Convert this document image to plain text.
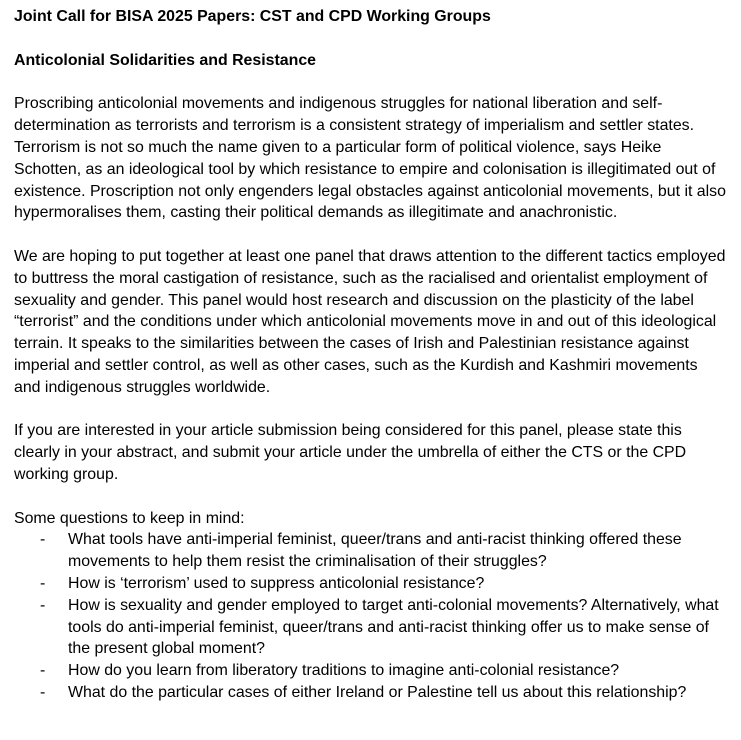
Joint Call for BISA 2025 Papers: CST and CPD Working Groups

Anticolonial Solidarities and Resistance

Proscribing anticolonial movements and indigenous struggles for national liberation and self-determination as terrorists and terrorism is a consistent strategy of imperialism and settler states. Terrorism is not so much the name given to a particular form of political violence, says Heike Schotten, as an ideological tool by which resistance to empire and colonisation is illegitimated out of existence. Proscription not only engenders legal obstacles against anticolonial movements, but it also hypermoralises them, casting their political demands as illegitimate and anachronistic.

We are hoping to put together at least one panel that draws attention to the different tactics employed to buttress the moral castigation of resistance, such as the racialised and orientalist employment of sexuality and gender. This panel would host research and discussion on the plasticity of the label “terrorist” and the conditions under which anticolonial movements move in and out of this ideological terrain. It speaks to the similarities between the cases of Irish and Palestinian resistance against imperial and settler control, as well as other cases, such as the Kurdish and Kashmiri movements and indigenous struggles worldwide.

If you are interested in your article submission being considered for this panel, please state this clearly in your abstract, and submit your article under the umbrella of either the CTS or the CPD working group.

Some questions to keep in mind:

- What tools have anti-imperial feminist, queer/trans and anti-racist thinking offered these movements to help them resist the criminalisation of their struggles?
- How is ‘terrorism’ used to suppress anticolonial resistance?
- How is sexuality and gender employed to target anti-colonial movements? Alternatively, what tools do anti-imperial feminist, queer/trans and anti-racist thinking offer us to make sense of the present global moment?
- How do you learn from liberatory traditions to imagine anti-colonial resistance?
- What do the particular cases of either Ireland or Palestine tell us about this relationship?
